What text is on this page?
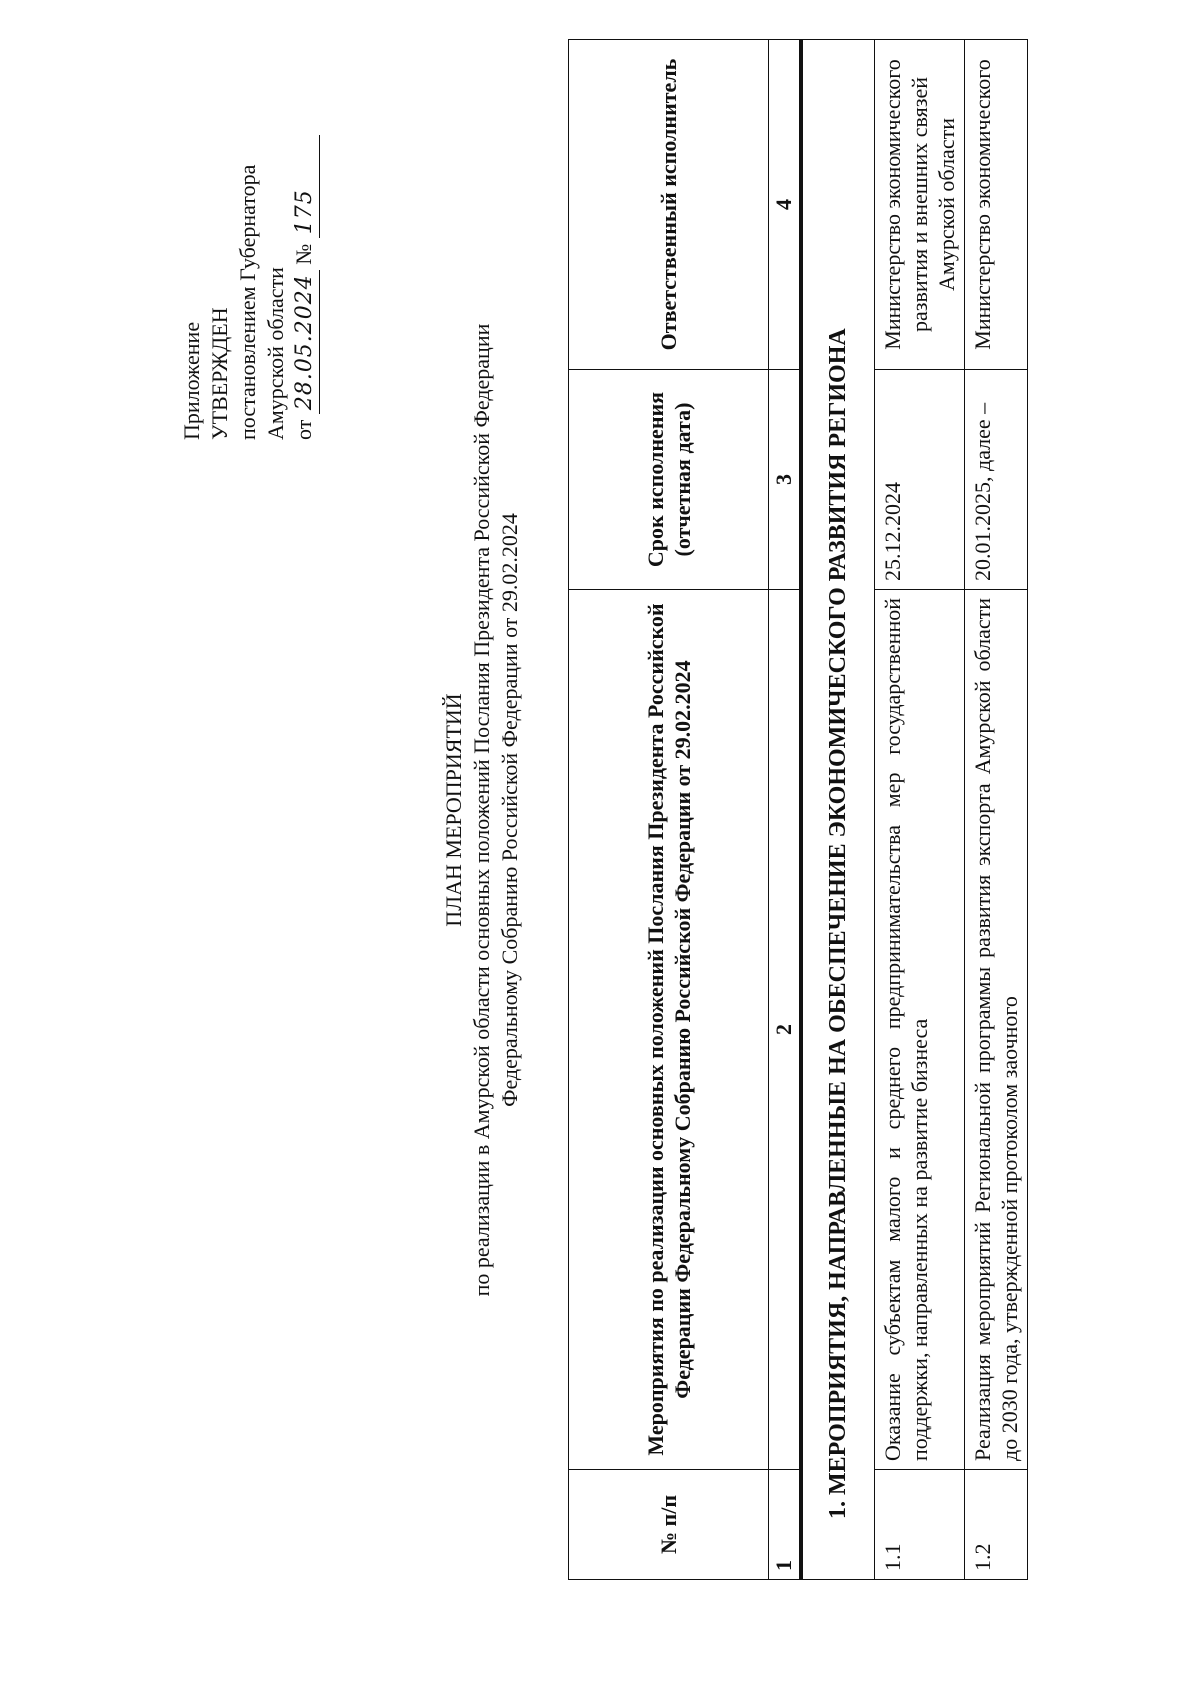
Приложение УТВЕРЖДЕН постановлением Губернатора Амурской области от 28.05.2024 № 175
ПЛАН МЕРОПРИЯТИЙ по реализации в Амурской области основных положений Послания Президента Российской Федерации Федеральному Собранию Российской Федерации от 29.02.2024
№ п/п	Мероприятия по реализации основных положений Послания Президента Российской Федерации Федеральному Собранию Российской Федерации от 29.02.2024	Срок исполнения (отчетная дата)	Ответственный исполнитель
1	2	3	4
1. МЕРОПРИЯТИЯ, НАПРАВЛЕННЫЕ НА ОБЕСПЕЧЕНИЕ ЭКОНОМИЧЕСКОГО РАЗВИТИЯ РЕГИОНА			
1.1	Оказание субъектам малого и среднего предпринимательства мер государственной поддержки, направленных на развитие бизнеса	25.12.2024	Министерство экономического развития и внешних связей Амурской области

1.2	Реализация мероприятий Региональной программы развития экспорта Амурской области до 2030 года, утвержденной протоколом заочного	20.01.2025, далее –	Министерство экономического
